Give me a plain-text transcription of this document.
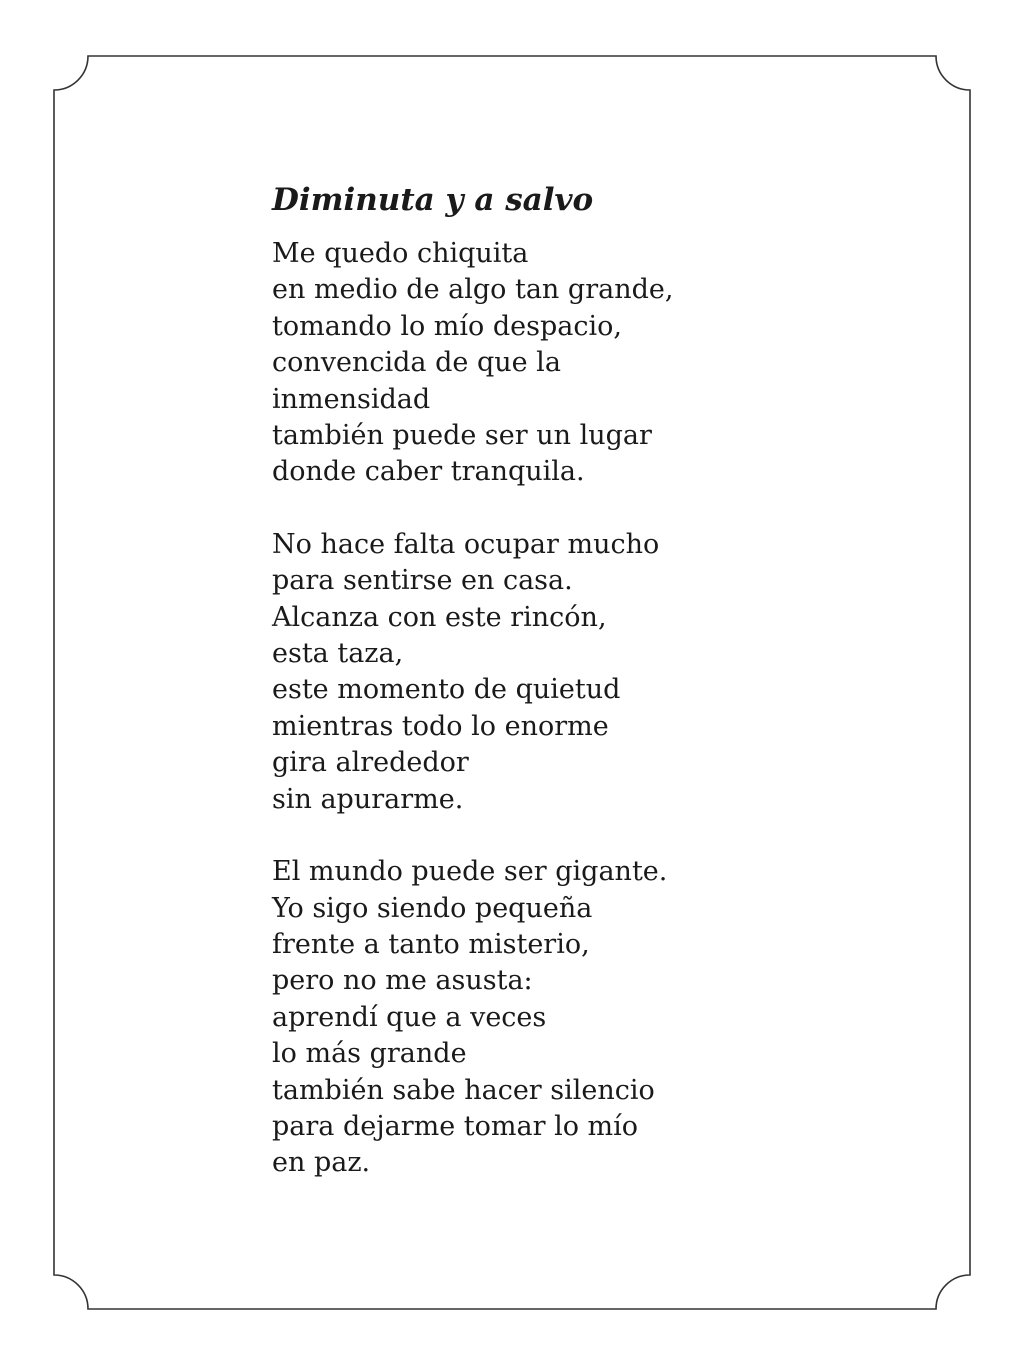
Diminuta y a salvo
Me quedo chiquita
en medio de algo tan grande,
tomando lo mío despacio,
convencida de que la
inmensidad
también puede ser un lugar
donde caber tranquila.
No hace falta ocupar mucho
para sentirse en casa.
Alcanza con este rincón,
esta taza,
este momento de quietud
mientras todo lo enorme
gira alrededor
sin apurarme.
El mundo puede ser gigante.
Yo sigo siendo pequeña
frente a tanto misterio,
pero no me asusta:
aprendí que a veces
lo más grande
también sabe hacer silencio
para dejarme tomar lo mío
en paz.
